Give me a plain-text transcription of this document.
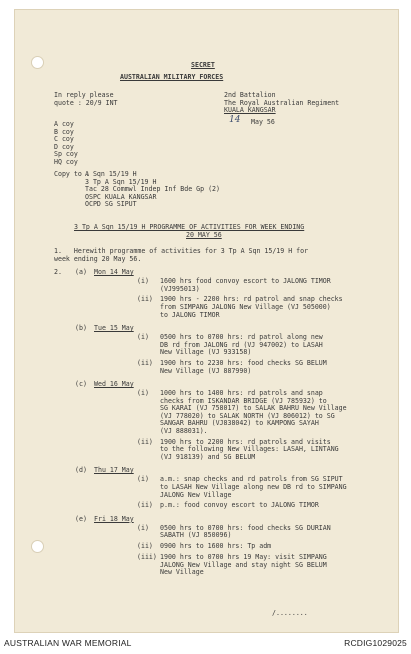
SECRET
AUSTRALIAN MILITARY FORCES
In reply please
quote : 20/9 INT
2nd Battalion
The Royal Australian Regiment
KUALA KANGSAR
14 May 56
A coy
B coy
C coy
D coy
Sp coy
HQ coy
Copy to :
A Sqn 15/19 H
3 Tp A Sqn 15/19 H
Tac 28 Commwl Indep Inf Bde Gp (2)
OSPC KUALA KANGSAR
OCPD SG SIPUT
3 Tp A Sqn 15/19 H PROGRAMME OF ACTIVITIES FOR WEEK ENDING
20 MAY 56
1.   Herewith programme of activities for 3 Tp A Sqn 15/19 H for
week ending 20 May 56.
2. (a) Mon 14 May
(i) 1600 hrs food convoy escort to JALONG TIMOR
(VJ995013)
(ii) 1900 hrs - 2200 hrs: rd patrol and snap checks
from SIMPANG JALONG New Village (VJ 505000)
to JALONG TIMOR
(b) Tue 15 May
(i) 0500 hrs to 0700 hrs: rd patrol along new
DB rd from JALONG rd (VJ 947002) to LASAH
New Village (VJ 933158)
(ii) 1900 hrs to 2230 hrs: food checks SG BELUM
New Village (VJ 887990)
(c) Wed 16 May
(i) 1000 hrs to 1400 hrs: rd patrols and snap
checks from ISKANDAR BRIDGE (VJ 785932) to
SG KARAI (VJ 758017) to SALAK BAHRU New Village
(VJ 778020) to SALAK NORTH (VJ 806012) to SG
SANGAR BAHRU (VJ838042) to KAMPONG SAYAH
(VJ 888031).
(ii) 1900 hrs to 2200 hrs: rd patrols and visits
to the following New Villages: LASAH, LINTANG
(VJ 918139) and SG BELUM
(d) Thu 17 May
(i) a.m.: snap checks and rd patrols from SG SIPUT
to LASAH New Village along new DB rd to SIMPANG
JALONG New Village
(ii) p.m.: food convoy escort to JALONG TIMOR
(e) Fri 18 May
(i) 0500 hrs to 0700 hrs: food checks SG DURIAN
SABATH (VJ 850096)
(ii) 0900 hrs to 1600 hrs: Tp adm
(iii) 1900 hrs to 0700 hrs 19 May: visit SIMPANG
JALONG New Village and stay night SG BELUM
New Village
/........
AUSTRALIAN WAR MEMORIAL	RCDIG1029025
